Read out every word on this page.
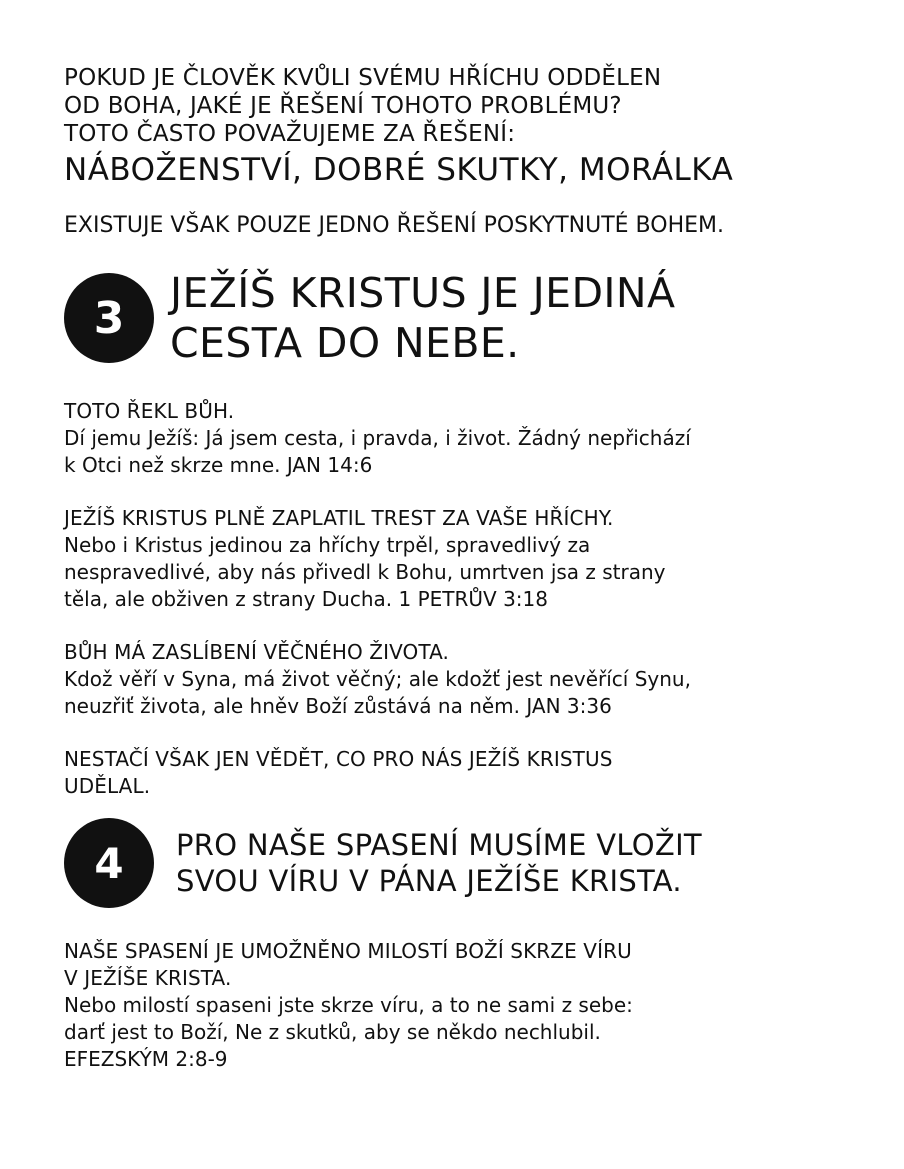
POKUD JE ČLOVĚK KVŮLI SVÉMU HŘÍCHU ODDĚLEN
OD BOHA, JAKÉ JE ŘEŠENÍ TOHOTO PROBLÉMU?
TOTO ČASTO POVAŽUJEME ZA ŘEŠENÍ:
NÁBOŽENSTVÍ, DOBRÉ SKUTKY, MORÁLKA
EXISTUJE VŠAK POUZE JEDNO ŘEŠENÍ POSKYTNUTÉ BOHEM.
3	JEŽÍŠ KRISTUS JE JEDINÁ
CESTA DO NEBE.
TOTO ŘEKL BŮH.
Dí jemu Ježíš: Já jsem cesta, i pravda, i život. Žádný nepřichází
k Otci než skrze mne. JAN 14:6
JEŽÍŠ KRISTUS PLNĚ ZAPLATIL TREST ZA VAŠE HŘÍCHY.
Nebo i Kristus jedinou za hříchy trpěl, spravedlivý za
nespravedlivé, aby nás přivedl k Bohu, umrtven jsa z strany
těla, ale obživen z strany Ducha. 1 PETRŮV 3:18
BŮH MÁ ZASLÍBENÍ VĚČNÉHO ŽIVOTA.
Kdož věří v Syna, má život věčný; ale kdožť jest nevěřící Synu,
neuzřiť života, ale hněv Boží zůstává na něm. JAN 3:36
NESTAČÍ VŠAK JEN VĚDĚT, CO PRO NÁS JEŽÍŠ KRISTUS
UDĚLAL.
4	PRO NAŠE SPASENÍ MUSÍME VLOŽIT
SVOU VÍRU V PÁNA JEŽÍŠE KRISTA.
NAŠE SPASENÍ JE UMOŽNĚNO MILOSTÍ BOŽÍ SKRZE VÍRU
V JEŽÍŠE KRISTA.
Nebo milostí spaseni jste skrze víru, a to ne sami z sebe:
darť jest to Boží, Ne z skutků, aby se někdo nechlubil.
EFEZSKÝM 2:8-9
